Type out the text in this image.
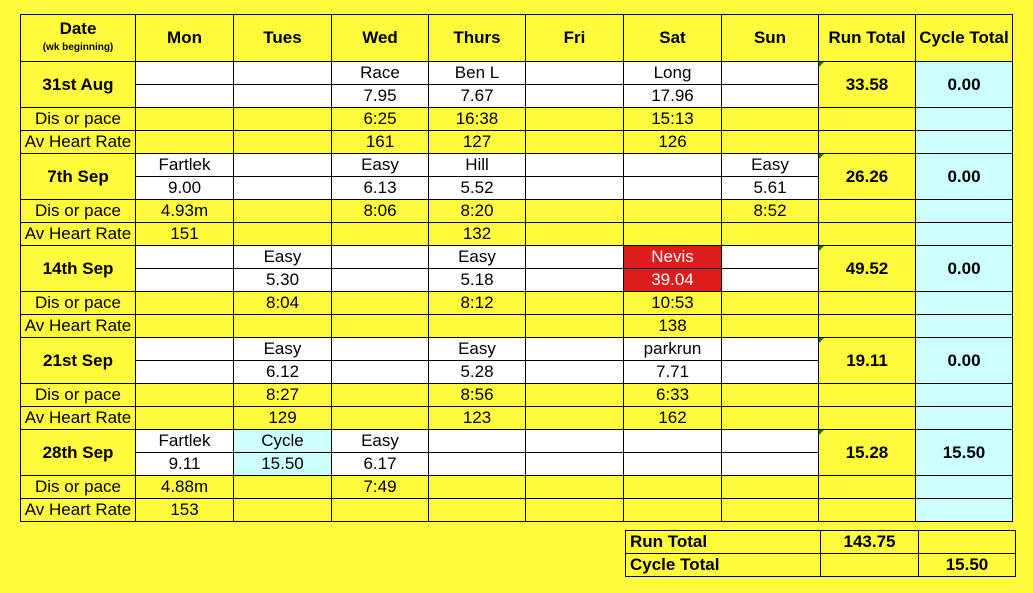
Date
(wk beginning)	Mon	Tues	Wed	Thurs	Fri	Sat	Sun	Run Total	Cycle Total
31st Aug			Race	Ben L		Long		33.58	0.00
			7.95	7.67		17.96			
Dis or pace			6:25	16:38		15:13			
Av Heart Rate			161	127		126			
7th Sep	Fartlek		Easy	Hill			Easy	26.26	0.00
	9.00		6.13	5.52			5.61		
Dis or pace	4.93m		8:06	8:20			8:52		
Av Heart Rate	151			132					
14th Sep		Easy		Easy		Nevis		49.52	0.00
		5.30		5.18		39.04			
Dis or pace		8:04		8:12		10:53			
Av Heart Rate						138			
21st Sep		Easy		Easy		parkrun		19.11	0.00
		6.12		5.28		7.71			
Dis or pace		8:27		8:56		6:33			
Av Heart Rate		129		123		162			
28th Sep	Fartlek	Cycle	Easy					15.28	15.50
	9.11	15.50	6.17						
Dis or pace	4.88m		7:49						
Av Heart Rate	153								
Run Total	143.75	
Cycle Total		15.50
